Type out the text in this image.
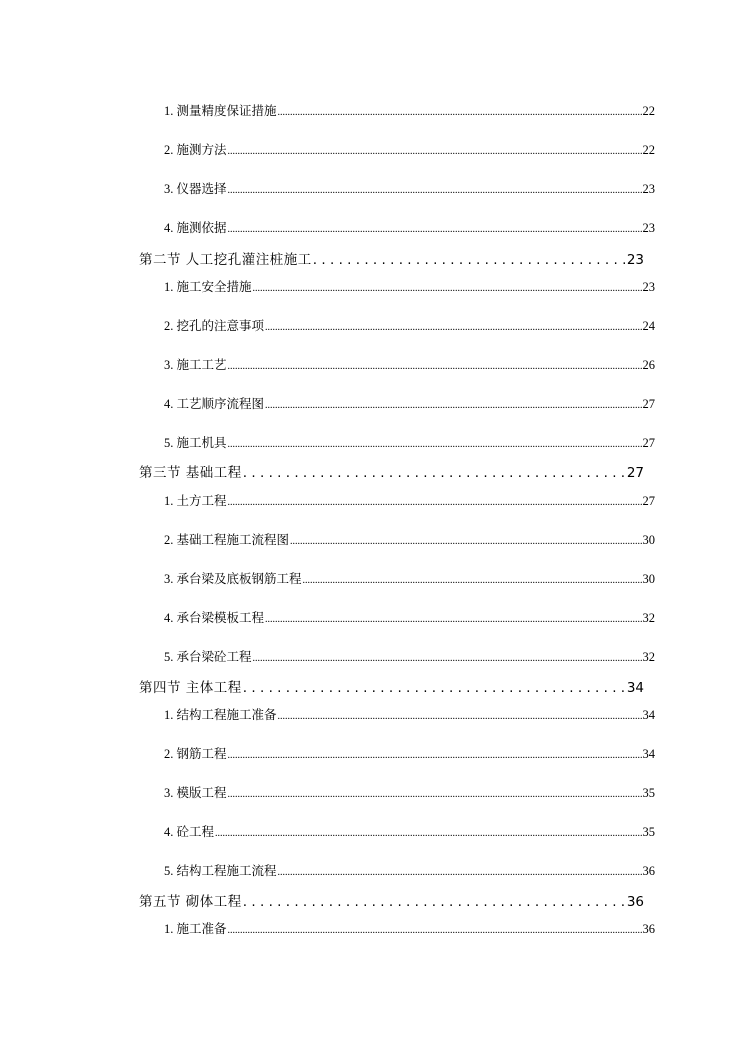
1. 测量精度保证措施 .....	22
2. 施测方法 .....	22
3. 仪器选择 .....	23
4. 施测依据 .....	23
第二节 人工挖孔灌注桩施工 .....	23
1. 施工安全措施 .....	23
2. 挖孔的注意事项 .....	24
3. 施工工艺 .....	26
4. 工艺顺序流程图 .....	27
5. 施工机具 .....	27
第三节 基础工程 .....	27
1. 土方工程 .....	27
2. 基础工程施工流程图 .....	30
3. 承台梁及底板钢筋工程 .....	30
4. 承台梁模板工程 .....	32
5. 承台梁砼工程 .....	32
第四节 主体工程 .....	34
1. 结构工程施工准备 .....	34
2. 钢筋工程 .....	34
3. 模版工程 .....	35
4. 砼工程 .....	35
5. 结构工程施工流程 .....	36
第五节 砌体工程 .....	36
1. 施工准备 .....	36
